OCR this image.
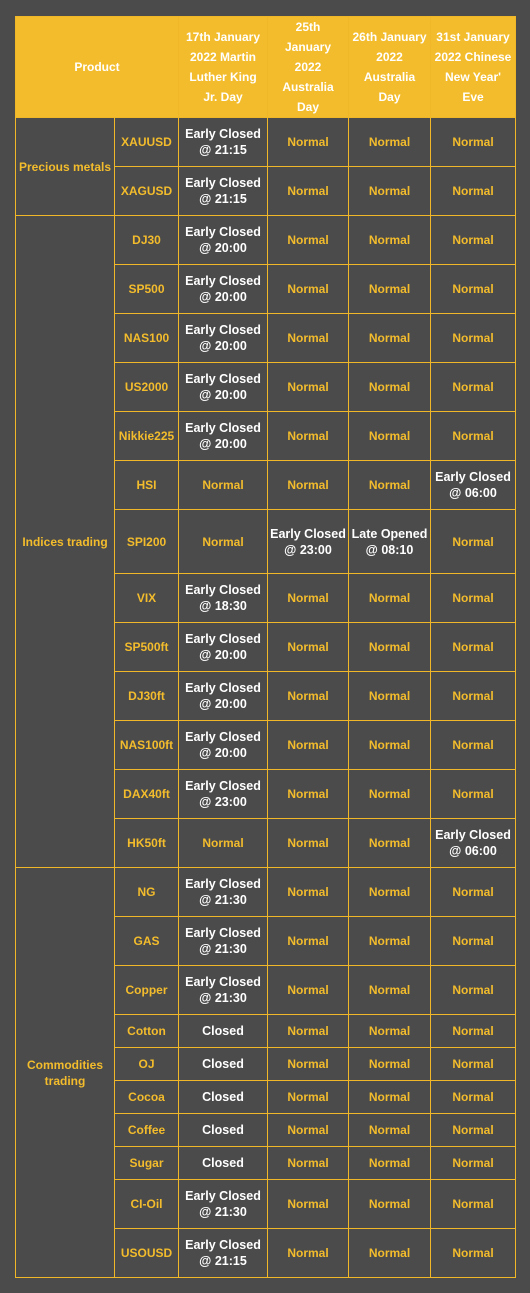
Product		17th January 2022 Martin Luther King Jr. Day	25th January 2022 Australia Day	26th January 2022 Australia Day	31st January 2022 Chinese New Year' Eve
Precious metals	XAUUSD	Early Closed @ 21:15	Normal	Normal	Normal
	XAGUSD	Early Closed @ 21:15	Normal	Normal	Normal
Indices trading	DJ30	Early Closed @ 20:00	Normal	Normal	Normal
	SP500	Early Closed @ 20:00	Normal	Normal	Normal
	NAS100	Early Closed @ 20:00	Normal	Normal	Normal
	US2000	Early Closed @ 20:00	Normal	Normal	Normal
	Nikkie225	Early Closed @ 20:00	Normal	Normal	Normal
	HSI	Normal	Normal	Normal	Early Closed @ 06:00
	SPI200	Normal	Early Closed @ 23:00	Late Opened @ 08:10	Normal
	VIX	Early Closed @ 18:30	Normal	Normal	Normal
	SP500ft	Early Closed @ 20:00	Normal	Normal	Normal
	DJ30ft	Early Closed @ 20:00	Normal	Normal	Normal
	NAS100ft	Early Closed @ 20:00	Normal	Normal	Normal
	DAX40ft	Early Closed @ 23:00	Normal	Normal	Normal
	HK50ft	Normal	Normal	Normal	Early Closed @ 06:00
Commodities trading	NG	Early Closed @ 21:30	Normal	Normal	Normal
	GAS	Early Closed @ 21:30	Normal	Normal	Normal
	Copper	Early Closed @ 21:30	Normal	Normal	Normal
	Cotton	Closed	Normal	Normal	Normal
	OJ	Closed	Normal	Normal	Normal
	Cocoa	Closed	Normal	Normal	Normal
	Coffee	Closed	Normal	Normal	Normal
	Sugar	Closed	Normal	Normal	Normal
	CI-Oil	Early Closed @ 21:30	Normal	Normal	Normal
	USOUSD	Early Closed @ 21:15	Normal	Normal	Normal
